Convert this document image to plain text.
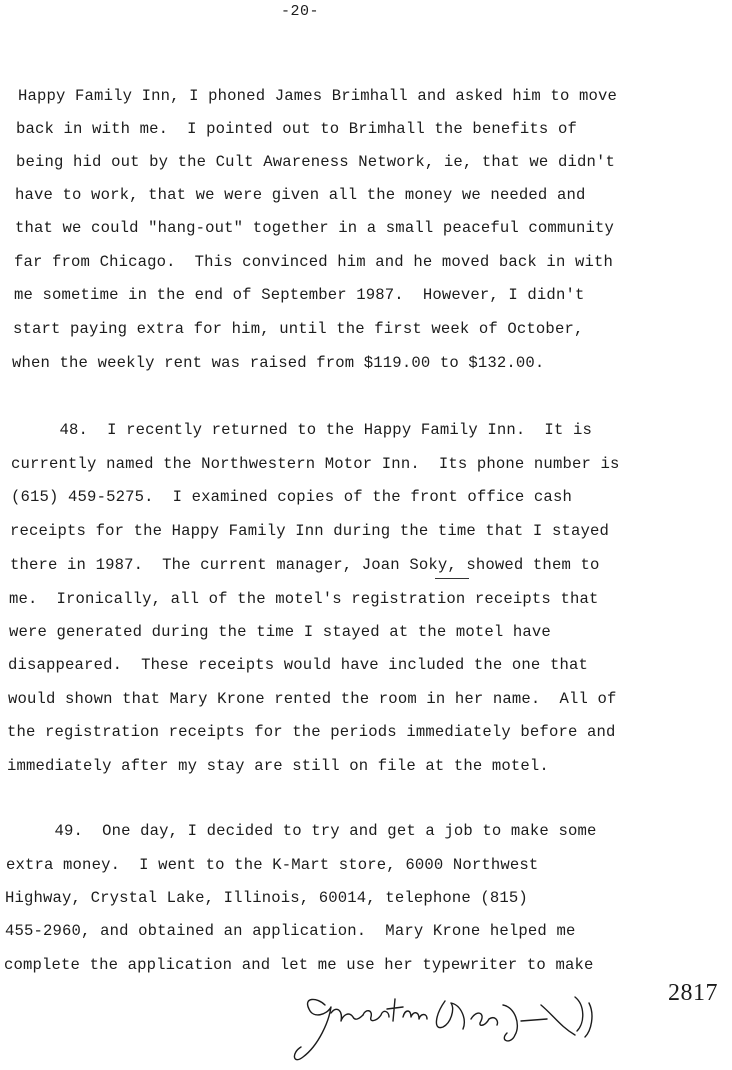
-20-
Happy Family Inn, I phoned James Brimhall and asked him to move
back in with me.  I pointed out to Brimhall the benefits of
being hid out by the Cult Awareness Network, ie, that we didn't
have to work, that we were given all the money we needed and
that we could "hang-out" together in a small peaceful community
far from Chicago.  This convinced him and he moved back in with
me sometime in the end of September 1987.  However, I didn't
start paying extra for him, until the first week of October,
when the weekly rent was raised from $119.00 to $132.00.
48.  I recently returned to the Happy Family Inn.  It is
currently named the Northwestern Motor Inn.  Its phone number is
(615) 459-5275.  I examined copies of the front office cash
receipts for the Happy Family Inn during the time that I stayed
there in 1987.  The current manager, Joan Soky, showed them to
me.  Ironically, all of the motel's registration receipts that
were generated during the time I stayed at the motel have
disappeared.  These receipts would have included the one that
would shown that Mary Krone rented the room in her name.  All of
the registration receipts for the periods immediately before and
immediately after my stay are still on file at the motel.
49.  One day, I decided to try and get a job to make some
extra money.  I went to the K-Mart store, 6000 Northwest
Highway, Crystal Lake, Illinois, 60014, telephone (815)
455-2960, and obtained an application.  Mary Krone helped me
complete the application and let me use her typewriter to make
2817
